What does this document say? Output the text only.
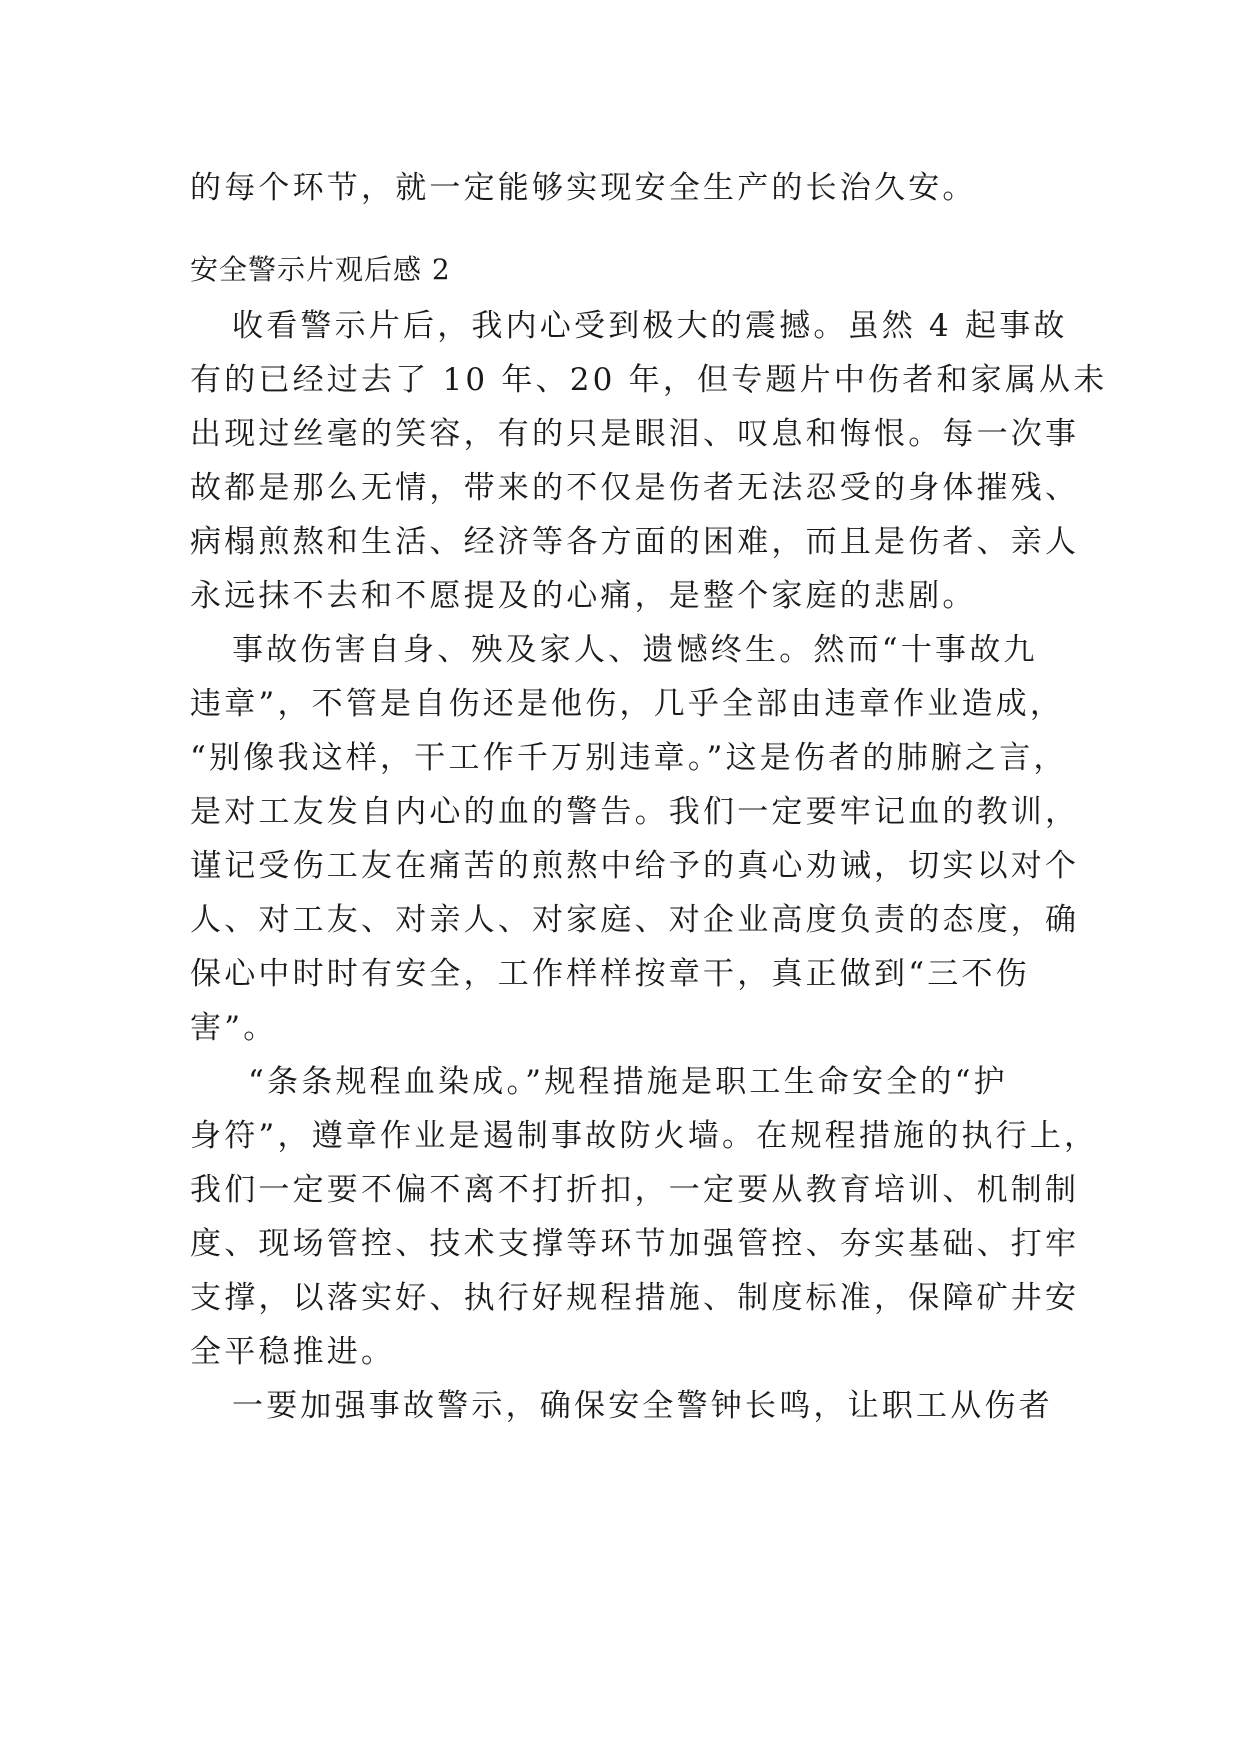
的每个环节，就一定能够实现安全生产的长治久安。
安全警示片观后感 2
收看警示片后，我内心受到极大的震撼。虽然 4 起事故
有的已经过去了 10 年、20 年，但专题片中伤者和家属从未
出现过丝毫的笑容，有的只是眼泪、叹息和悔恨。每一次事
故都是那么无情，带来的不仅是伤者无法忍受的身体摧残、
病榻煎熬和生活、经济等各方面的困难，而且是伤者、亲人
永远抹不去和不愿提及的心痛，是整个家庭的悲剧。
事故伤害自身、殃及家人、遗憾终生。然而“十事故九
违章”，不管是自伤还是他伤，几乎全部由违章作业造成，
“别像我这样，干工作千万别违章。”这是伤者的肺腑之言，
是对工友发自内心的血的警告。我们一定要牢记血的教训，
谨记受伤工友在痛苦的煎熬中给予的真心劝诫，切实以对个
人、对工友、对亲人、对家庭、对企业高度负责的态度，确
保心中时时有安全，工作样样按章干，真正做到“三不伤
害”。
“条条规程血染成。”规程措施是职工生命安全的“护
身符”，遵章作业是遏制事故防火墙。在规程措施的执行上，
我们一定要不偏不离不打折扣，一定要从教育培训、机制制
度、现场管控、技术支撑等环节加强管控、夯实基础、打牢
支撑，以落实好、执行好规程措施、制度标准，保障矿井安
全平稳推进。
一要加强事故警示，确保安全警钟长鸣，让职工从伤者
